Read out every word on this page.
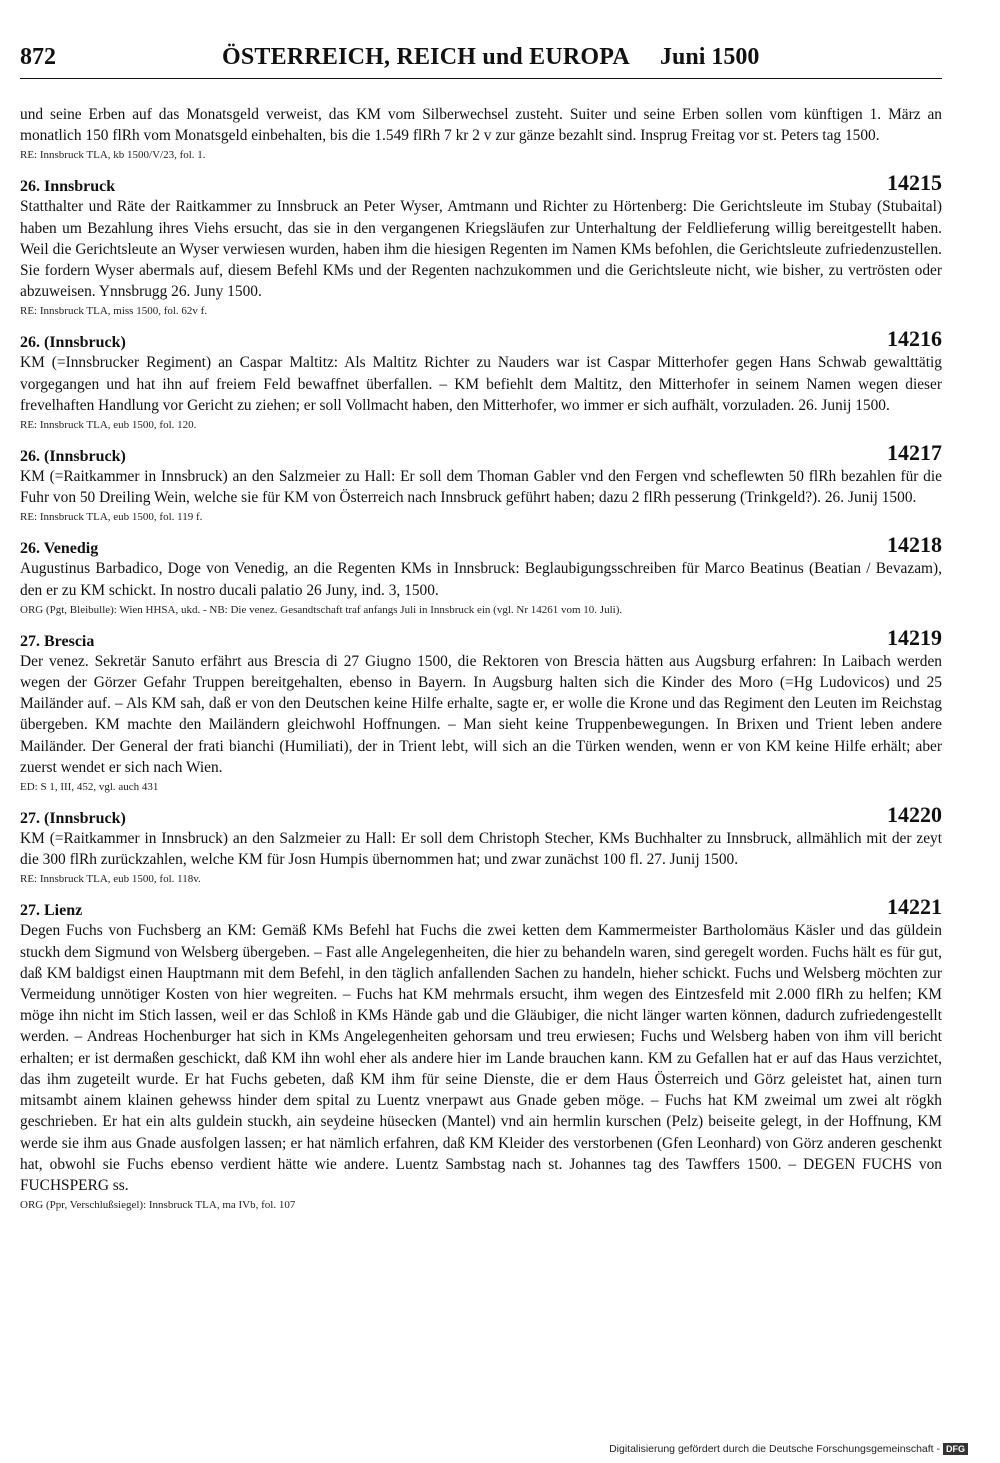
872	ÖSTERREICH, REICH und EUROPA Juni 1500

und seine Erben auf das Monatsgeld verweist, das KM vom Silberwechsel zusteht. Suiter und seine Erben sollen vom künftigen 1. März an monatlich 150 flRh vom Monatsgeld einbehalten, bis die 1.549 flRh 7 kr 2 v zur gänze bezahlt sind. Insprug Freitag vor st. Peters tag 1500.

RE: Innsbruck TLA, kb 1500/V/23, fol. 1.

26. Innsbruck	14215

Statthalter und Räte der Raitkammer zu Innsbruck an Peter Wyser, Amtmann und Richter zu Hörtenberg: Die Gerichtsleute im Stubay (Stubaital) haben um Bezahlung ihres Viehs ersucht, das sie in den vergangenen Kriegsläufen zur Unterhaltung der Feldlieferung willig bereitgestellt haben. Weil die Gerichtsleute an Wyser verwiesen wurden, haben ihm die hiesigen Regenten im Namen KMs befohlen, die Gerichtsleute zufriedenzustellen. Sie fordern Wyser abermals auf, diesem Befehl KMs und der Regenten nachzukommen und die Gerichtsleute nicht, wie bisher, zu vertrösten oder abzuweisen. Ynnsbrugg 26. Juny 1500.

RE: Innsbruck TLA, miss 1500, fol. 62v f.

26. (Innsbruck)	14216

KM (=Innsbrucker Regiment) an Caspar Maltitz: Als Maltitz Richter zu Nauders war ist Caspar Mitterhofer gegen Hans Schwab gewalttätig vorgegangen und hat ihn auf freiem Feld bewaffnet überfallen. – KM befiehlt dem Maltitz, den Mitterhofer in seinem Namen wegen dieser frevelhaften Handlung vor Gericht zu ziehen; er soll Vollmacht haben, den Mitterhofer, wo immer er sich aufhält, vorzuladen. 26. Junij 1500.

RE: Innsbruck TLA, eub 1500, fol. 120.

26. (Innsbruck)	14217

KM (=Raitkammer in Innsbruck) an den Salzmeier zu Hall: Er soll dem Thoman Gabler vnd den Fergen vnd scheflewten 50 flRh bezahlen für die Fuhr von 50 Dreiling Wein, welche sie für KM von Österreich nach Innsbruck geführt haben; dazu 2 flRh pesserung (Trinkgeld?). 26. Junij 1500.

RE: Innsbruck TLA, eub 1500, fol. 119 f.

26. Venedig	14218

Augustinus Barbadico, Doge von Venedig, an die Regenten KMs in Innsbruck: Beglaubigungsschreiben für Marco Beatinus (Beatian / Bevazam), den er zu KM schickt. In nostro ducali palatio 26 Juny, ind. 3, 1500.

ORG (Pgt, Bleibulle): Wien HHSA, ukd. - NB: Die venez. Gesandtschaft traf anfangs Juli in Innsbruck ein (vgl. Nr 14261 vom 10. Juli).

27. Brescia	14219

Der venez. Sekretär Sanuto erfährt aus Brescia di 27 Giugno 1500, die Rektoren von Brescia hätten aus Augsburg erfahren: In Laibach werden wegen der Görzer Gefahr Truppen bereitgehalten, ebenso in Bayern. In Augsburg halten sich die Kinder des Moro (=Hg Ludovicos) und 25 Mailänder auf. – Als KM sah, daß er von den Deutschen keine Hilfe erhalte, sagte er, er wolle die Krone und das Regiment den Leuten im Reichstag übergeben. KM machte den Mailändern gleichwohl Hoffnungen. – Man sieht keine Truppenbewegungen. In Brixen und Trient leben andere Mailänder. Der General der frati bianchi (Humiliati), der in Trient lebt, will sich an die Türken wenden, wenn er von KM keine Hilfe erhält; aber zuerst wendet er sich nach Wien.

ED: S 1, III, 452, vgl. auch 431

27. (Innsbruck)	14220

KM (=Raitkammer in Innsbruck) an den Salzmeier zu Hall: Er soll dem Christoph Stecher, KMs Buchhalter zu Innsbruck, allmählich mit der zeyt die 300 flRh zurückzahlen, welche KM für Josn Humpis übernommen hat; und zwar zunächst 100 fl. 27. Junij 1500.

RE: Innsbruck TLA, eub 1500, fol. 118v.

27. Lienz	14221

Degen Fuchs von Fuchsberg an KM: Gemäß KMs Befehl hat Fuchs die zwei ketten dem Kammermeister Bartholomäus Käsler und das güldein stuckh dem Sigmund von Welsberg übergeben. – Fast alle Angelegenheiten, die hier zu behandeln waren, sind geregelt worden. Fuchs hält es für gut, daß KM baldigst einen Hauptmann mit dem Befehl, in den täglich anfallenden Sachen zu handeln, hieher schickt. Fuchs und Welsberg möchten zur Vermeidung unnötiger Kosten von hier wegreiten. – Fuchs hat KM mehrmals ersucht, ihm wegen des Eintzesfeld mit 2.000 flRh zu helfen; KM möge ihn nicht im Stich lassen, weil er das Schloß in KMs Hände gab und die Gläubiger, die nicht länger warten können, dadurch zufriedengestellt werden. – Andreas Hochenburger hat sich in KMs Angelegenheiten gehorsam und treu erwiesen; Fuchs und Welsberg haben von ihm vill bericht erhalten; er ist dermaßen geschickt, daß KM ihn wohl eher als andere hier im Lande brauchen kann. KM zu Gefallen hat er auf das Haus verzichtet, das ihm zugeteilt wurde. Er hat Fuchs gebeten, daß KM ihm für seine Dienste, die er dem Haus Österreich und Görz geleistet hat, ainen turn mitsambt ainem klainen gehewss hinder dem spital zu Luentz vnerpawt aus Gnade geben möge. – Fuchs hat KM zweimal um zwei alt rögkh geschrieben. Er hat ein alts guldein stuckh, ain seydeine hüsecken (Mantel) vnd ain hermlin kurschen (Pelz) beiseite gelegt, in der Hoffnung, KM werde sie ihm aus Gnade ausfolgen lassen; er hat nämlich erfahren, daß KM Kleider des verstorbenen (Gfen Leonhard) von Görz anderen geschenkt hat, obwohl sie Fuchs ebenso verdient hätte wie andere. Luentz Sambstag nach st. Johannes tag des Tawffers 1500. – DEGEN FUCHS von FUCHSPERG ss.

ORG (Ppr, Verschlußsiegel): Innsbruck TLA, ma IVb, fol. 107

Digitalisierung gefördert durch die Deutsche Forschungsgemeinschaft - DFG
